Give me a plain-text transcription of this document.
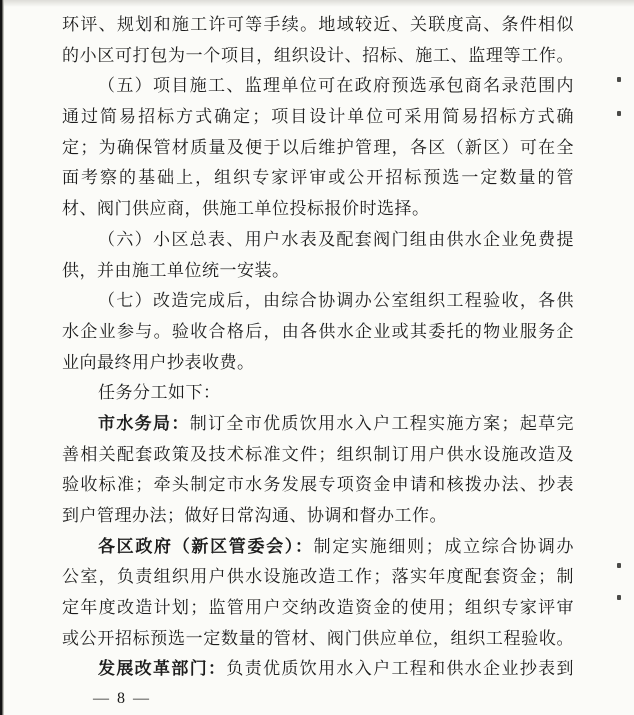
环评、规划和施工许可等手续。地域较近、关联度高、条件相似
的小区可打包为一个项目，组织设计、招标、施工、监理等工作。
（五）项目施工、监理单位可在政府预选承包商名录范围内
通过简易招标方式确定；项目设计单位可采用简易招标方式确
定；为确保管材质量及便于以后维护管理，各区（新区）可在全
面考察的基础上，组织专家评审或公开招标预选一定数量的管
材、阀门供应商，供施工单位投标报价时选择。
（六）小区总表、用户水表及配套阀门组由供水企业免费提
供，并由施工单位统一安装。
（七）改造完成后，由综合协调办公室组织工程验收，各供
水企业参与。验收合格后，由各供水企业或其委托的物业服务企
业向最终用户抄表收费。
任务分工如下：
市水务局：制订全市优质饮用水入户工程实施方案；起草完
善相关配套政策及技术标准文件；组织制订用户供水设施改造及
验收标准；牵头制定市水务发展专项资金申请和核拨办法、抄表
到户管理办法；做好日常沟通、协调和督办工作。
各区政府（新区管委会）：制定实施细则；成立综合协调办
公室，负责组织用户供水设施改造工作；落实年度配套资金；制
定年度改造计划；监管用户交纳改造资金的使用；组织专家评审
或公开招标预选一定数量的管材、阀门供应单位，组织工程验收。
发展改革部门：负责优质饮用水入户工程和供水企业抄表到
— 8 —
